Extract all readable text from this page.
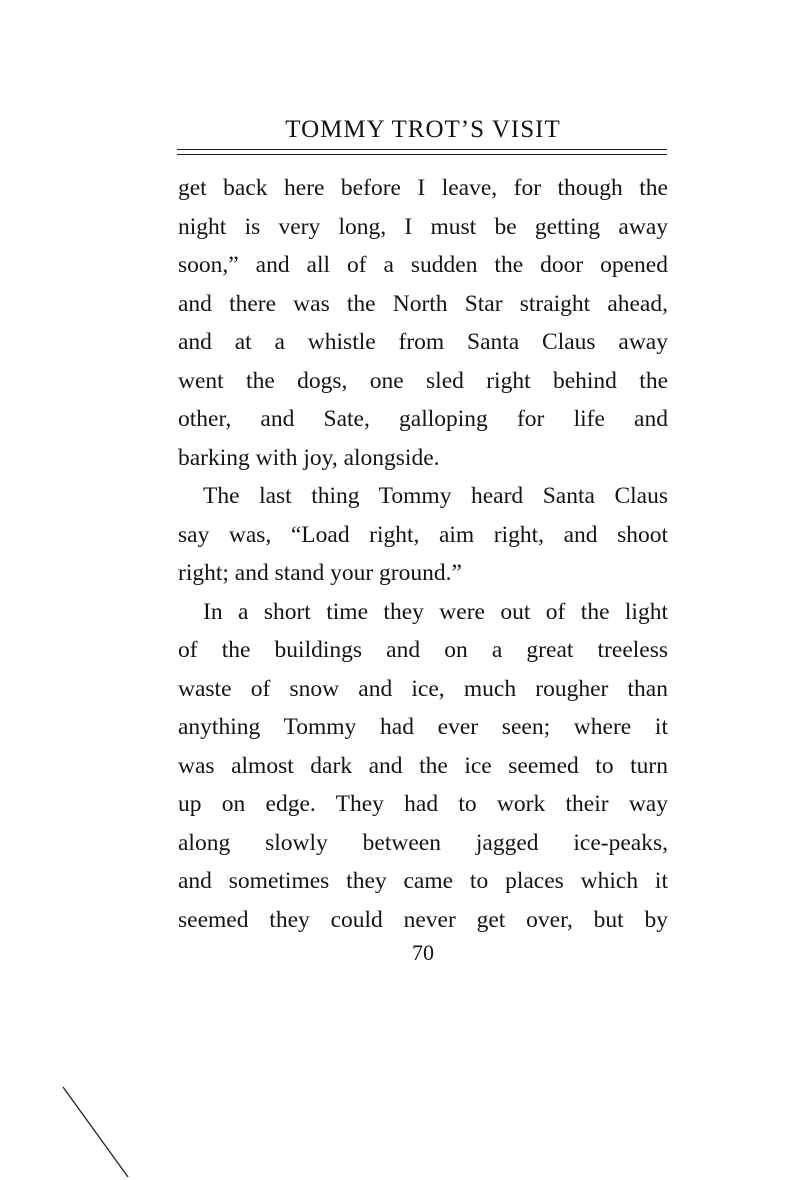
TOMMY TROT’S VISIT
get back here before I leave, for though the
night is very long, I must be getting away
soon,” and all of a sudden the door opened
and there was the North Star straight ahead,
and at a whistle from Santa Claus away
went the dogs, one sled right behind the
other, and Sate, galloping for life and
barking with joy, alongside.
The last thing Tommy heard Santa Claus
say was, “Load right, aim right, and shoot
right; and stand your ground.”
In a short time they were out of the light
of the buildings and on a great treeless
waste of snow and ice, much rougher than
anything Tommy had ever seen; where it
was almost dark and the ice seemed to turn
up on edge. They had to work their way
along slowly between jagged ice-peaks,
and sometimes they came to places which it
seemed they could never get over, but by
70
